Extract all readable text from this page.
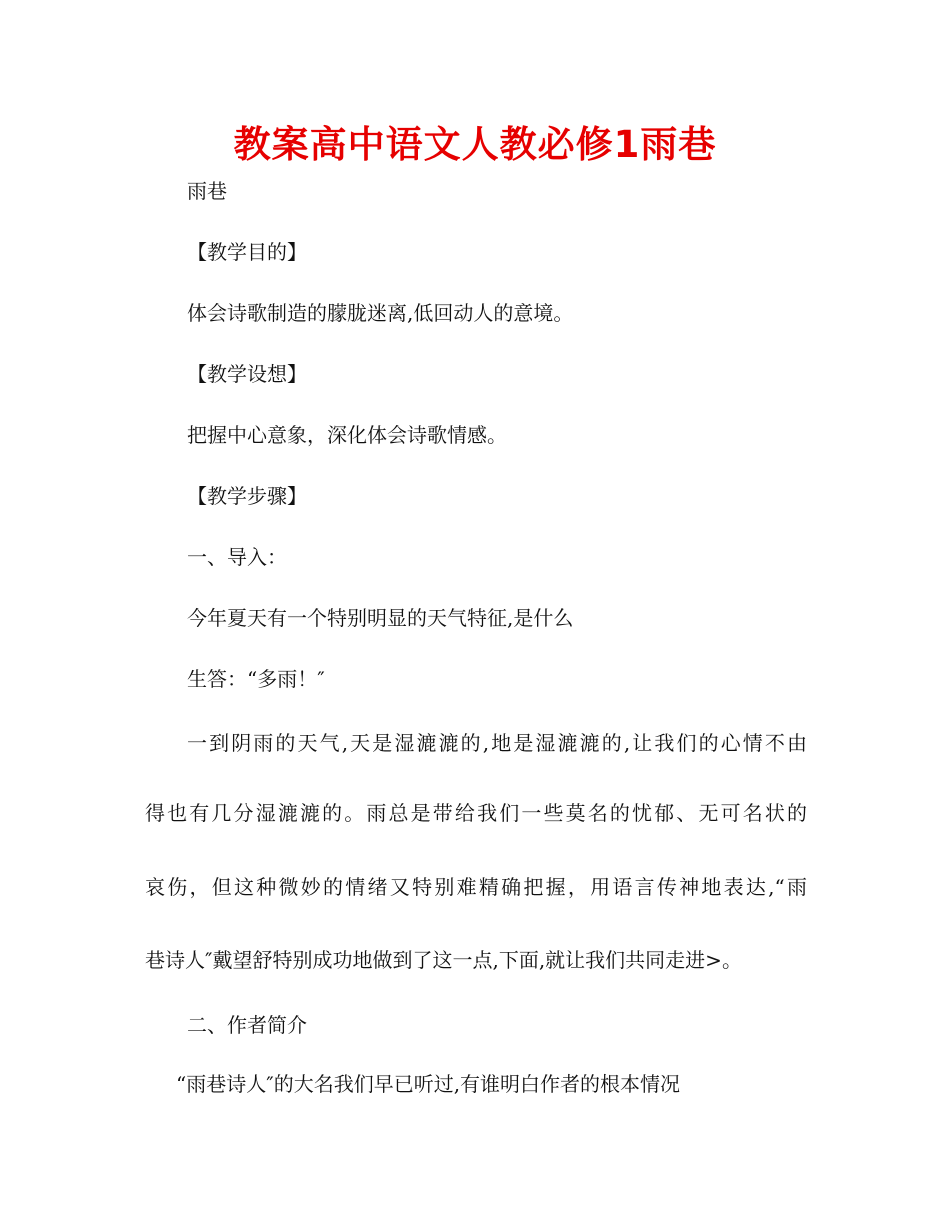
教案高中语文人教必修1雨巷
雨巷
【教学目的】
体会诗歌制造的朦胧迷离,低回动人的意境。
【教学设想】
把握中心意象，深化体会诗歌情感。
【教学步骤】
一、导入：
今年夏天有一个特别明显的天气特征,是什么
生答：“多雨！″
一到阴雨的天气,天是湿漉漉的,地是湿漉漉的,让我们的心情不由
得也有几分湿漉漉的。雨总是带给我们一些莫名的忧郁、无可名状的
哀伤，但这种微妙的情绪又特别难精确把握，用语言传神地表达,“雨
巷诗人″戴望舒特别成功地做到了这一点,下面,就让我们共同走进>。
二、作者简介
“雨巷诗人″的大名我们早已听过,有谁明白作者的根本情况
